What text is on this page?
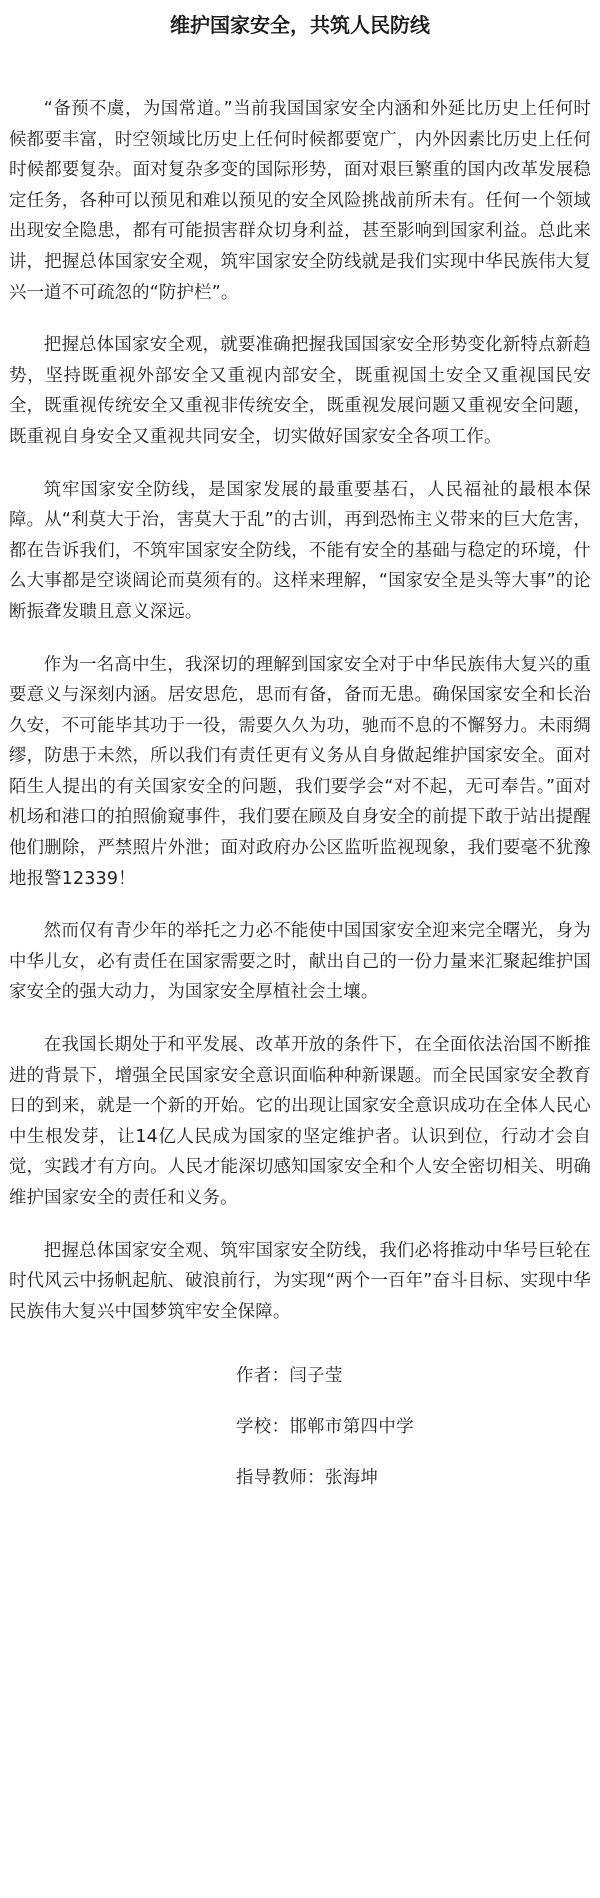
维护国家安全，共筑人民防线

“备预不虞，为国常道。”当前我国国家安全内涵和外延比历史上任何时候都要丰富，时空领域比历史上任何时候都要宽广，内外因素比历史上任何时候都要复杂。面对复杂多变的国际形势，面对艰巨繁重的国内改革发展稳定任务，各种可以预见和难以预见的安全风险挑战前所未有。任何一个领域出现安全隐患，都有可能损害群众切身利益，甚至影响到国家利益。总此来讲，把握总体国家安全观，筑牢国家安全防线就是我们实现中华民族伟大复兴一道不可疏忽的“防护栏”。

把握总体国家安全观，就要准确把握我国国家安全形势变化新特点新趋势，坚持既重视外部安全又重视内部安全，既重视国土安全又重视国民安全，既重视传统安全又重视非传统安全，既重视发展问题又重视安全问题，既重视自身安全又重视共同安全，切实做好国家安全各项工作。

筑牢国家安全防线，是国家发展的最重要基石，人民福祉的最根本保障。从“利莫大于治，害莫大于乱”的古训，再到恐怖主义带来的巨大危害，都在告诉我们，不筑牢国家安全防线，不能有安全的基础与稳定的环境，什么大事都是空谈阔论而莫须有的。这样来理解，“国家安全是头等大事”的论断振聋发聩且意义深远。

作为一名高中生，我深切的理解到国家安全对于中华民族伟大复兴的重要意义与深刻内涵。居安思危，思而有备，备而无患。确保国家安全和长治久安，不可能毕其功于一役，需要久久为功，驰而不息的不懈努力。未雨绸缪，防患于未然，所以我们有责任更有义务从自身做起维护国家安全。面对陌生人提出的有关国家安全的问题，我们要学会“对不起，无可奉告。”面对机场和港口的拍照偷窥事件，我们要在顾及自身安全的前提下敢于站出提醒他们删除，严禁照片外泄；面对政府办公区监听监视现象，我们要毫不犹豫地报警12339！

然而仅有青少年的举托之力必不能使中国国家安全迎来完全曙光，身为中华儿女，必有责任在国家需要之时，献出自己的一份力量来汇聚起维护国家安全的强大动力，为国家安全厚植社会土壤。

在我国长期处于和平发展、改革开放的条件下，在全面依法治国不断推进的背景下，增强全民国家安全意识面临种种新课题。而全民国家安全教育日的到来，就是一个新的开始。它的出现让国家安全意识成功在全体人民心中生根发芽，让14亿人民成为国家的坚定维护者。认识到位，行动才会自觉，实践才有方向。人民才能深切感知国家安全和个人安全密切相关、明确维护国家安全的责任和义务。

把握总体国家安全观、筑牢国家安全防线，我们必将推动中华号巨轮在时代风云中扬帆起航、破浪前行，为实现“两个一百年”奋斗目标、实现中华民族伟大复兴中国梦筑牢安全保障。

作者：闫子莹
学校：邯郸市第四中学
指导教师：张海坤
